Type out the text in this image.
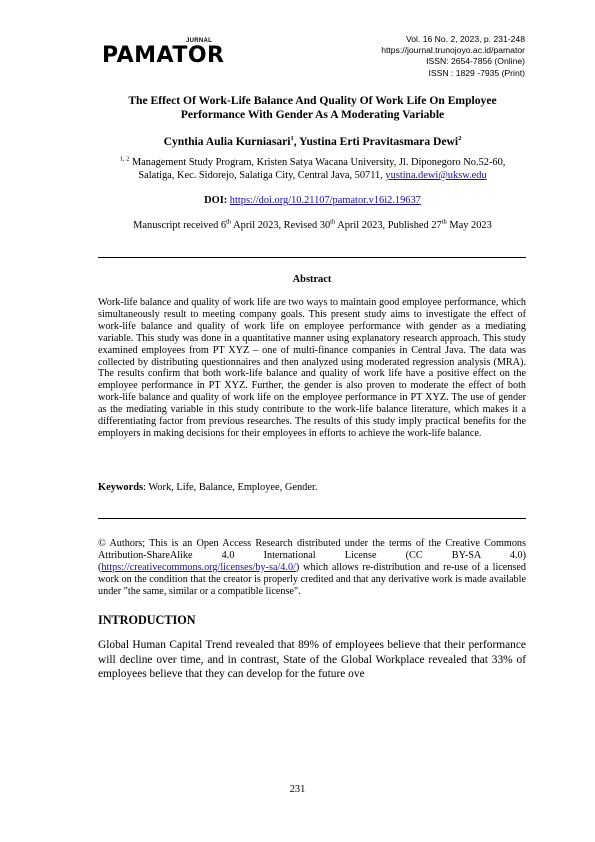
JURNAL
PAMATOR
Vol. 16 No. 2, 2023, p. 231-248
https://journal.trunojoyo.ac.id/pamator
ISSN: 2654-7856 (Online)
ISSN : 1829 -7935 (Print)
The Effect Of Work-Life Balance And Quality Of Work Life On Employee
Performance With Gender As A Moderating Variable
Cynthia Aulia Kurniasari$^1$, Yustina Erti Pravitasmara Dewi$^2$
$^{1, 2}$ Management Study Program, Kristen Satya Wacana University, Jl. Diponegoro No.52-60,
Salatiga, Kec. Sidorejo, Salatiga City, Central Java, 50711, yustina.dewi@uksw.edu
DOI: https://doi.org/10.21107/pamator.v16i2.19637
Manuscript received 6th April 2023, Revised 30th April 2023, Published 27th May 2023
Abstract
Work-life balance and quality of work life are two ways to maintain good employee performance, which simultaneously result to meeting company goals. This present study aims to investigate the effect of work-life balance and quality of work life on employee performance with gender as a mediating variable. This study was done in a quantitative manner using explanatory research approach. This study examined employees from PT XYZ – one of multi-finance companies in Central Java. The data was collected by distributing questionnaires and then analyzed using moderated regression analysis (MRA). The results confirm that both work-life balance and quality of work life have a positive effect on the employee performance in PT XYZ. Further, the gender is also proven to moderate the effect of both work-life balance and quality of work life on the employee performance in PT XYZ. The use of gender as the mediating variable in this study contribute to the work-life balance literature, which makes it a differentiating factor from previous researches. The results of this study imply practical benefits for the employers in making decisions for their employees in efforts to achieve the work-life balance.
Keywords: Work, Life, Balance, Employee, Gender.
© Authors; This is an Open Access Research distributed under the terms of the Creative Commons Attribution-ShareAlike 4.0 International License (CC BY-SA 4.0) (https://creativecommons.org/licenses/by-sa/4.0/) which allows re-distribution and re-use of a licensed work on the condition that the creator is properly credited and that any derivative work is made available under "the same, similar or a compatible license".
INTRODUCTION
Global Human Capital Trend revealed that 89% of employees believe that their performance will decline over time, and in contrast, State of the Global Workplace revealed that 33% of employees believe that they can develop for the future ove
231
